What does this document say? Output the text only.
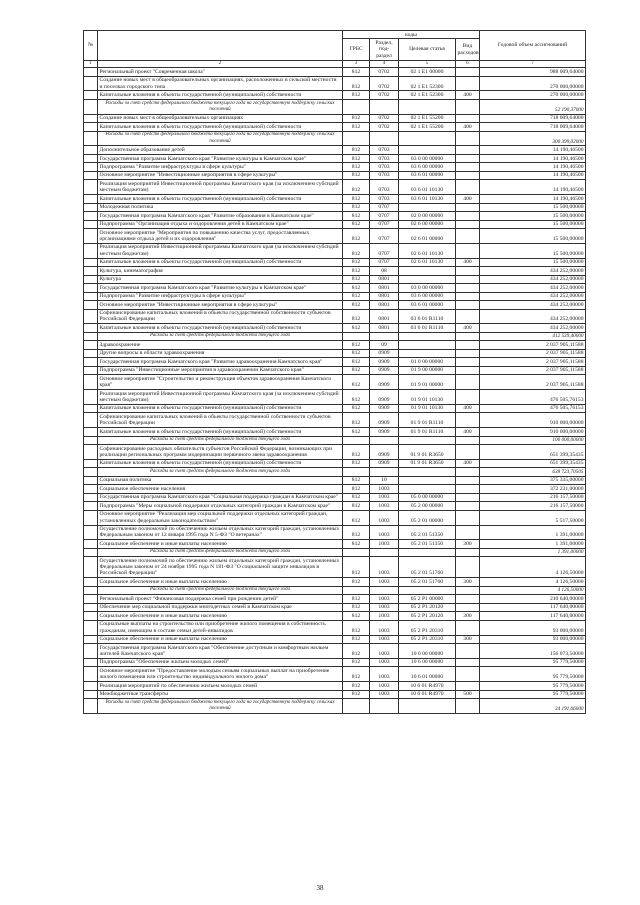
№		коды				Годовой объем ассигнований
		ГРБС	Раздел, под-раздел	Целевая статья	Вид расходов	
1	2	3	4	5	6	7
	Региональный проект "Современная школа"	812	0702	02 1 E1 00000		988 009,64000
	Создание новых мест в общеобразовательных организациях, расположенных в сельской местности и поселках городского типа	812	0702	02 1 E1 52300		270 000,00000
	Капитальные вложения в объекты государственной (муниципальной) собственности	812	0702	02 1 E1 52300	400	270 000,00000
	Расходы за счет средств федерального бюджета текущего года на государственную поддержку сельских поселений					52 190,37000
	Создание новых мест в общеобразовательных организациях	812	0702	02 1 E1 55200		718 009,64000
	Капитальные вложения в объекты государственной (муниципальной) собственности	812	0702	02 1 E1 55200	400	718 009,64000
	Расходы за счет средств федерального бюджета текущего года на государственную поддержку сельских поселений					300 399,02000
	Дополнительное образование детей	812	0703			14 190,46500
	Государственная программа Камчатского края "Развитие культуры в Камчатском крае"	812	0703	03 0 00 00000		14 190,46500
	Подпрограмма "Развитие инфраструктуры в сфере культуры"	812	0703	03 6 00 00000		14 190,46500
	Основное мероприятие "Инвестиционные мероприятия в сфере культуры"	812	0703	03 6 01 00000		14 190,46500
	Реализация мероприятий Инвестиционной программы Камчатского края (за исключением субсидий местным бюджетам)	812	0703	03 6 01 10130		14 190,46500
	Капитальные вложения в объекты государственной (муниципальной) собственности	812	0703	03 6 01 10130	400	14 190,46500
	Молодежная политика	812	0707			15 500,00000
	Государственная программа Камчатского края "Развитие образования в Камчатском крае"	812	0707	02 0 00 00000		15 500,00000
	Подпрограмма "Организация отдыха и оздоровления детей в Камчатском крае"	812	0707	02 6 00 00000		15 500,00000
	Основное мероприятие "Мероприятия по повышению качества услуг, предоставляемых организациями отдыха детей и их оздоровления"	812	0707	02 6 01 00000		15 500,00000
	Реализация мероприятий Инвестиционной программы Камчатского края (за исключением субсидий местным бюджетам)	812	0707	02 6 01 10130		15 500,00000
	Капитальные вложения в объекты государственной (муниципальной) собственности	812	0707	02 6 01 10130	400	15 500,00000
	Культура, кинематография	812	08			434 252,00000
	Культура	812	0801			434 252,00000
	Государственная программа Камчатского края "Развитие культуры в Камчатском крае"	812	0801	03 0 00 00000		434 252,00000
	Подпрограмма "Развитие инфраструктуры в сфере культуры"	812	0801	03 6 00 00000		434 252,00000
	Основное мероприятие "Инвестиционные мероприятия в сфере культуры"	812	0801	03 6 01 00000		434 252,00000
	Софинансирование капитальных вложений в объекты государственной собственности субъектов Российской Федерации	812	0801	03 6 01 R1110		434 252,00000
	Капитальные вложения в объекты государственной (муниципальной) собственности	812	0801	03 6 01 R1110	400	434 252,00000
	Расходы за счет средств федерального бюджета текущего года					412 539,40000
	Здравоохранение	812	09			2 037 905,11588
	Другие вопросы в области здравоохранения	812	0909			2 037 905,11588
	Государственная программа Камчатского края "Развитие здравоохранения Камчатского края"	812	0909	01 0 00 00000		2 037 905,11588
	Подпрограмма "Инвестиционные мероприятия в здравоохранении Камчатского края"	812	0909	01 9 00 00000		2 037 905,11588
	Основное мероприятие "Строительство и реконструкция объектов здравоохранения Камчатского края"	812	0909	01 9 01 00000		2 037 905,11588
	Реализация мероприятий Инвестиционной программы Камчатского края (за исключением субсидий местным бюджетам)	812	0909	01 9 01 10130		476 505,76153
	Капитальные вложения в объекты государственной (муниципальной) собственности	812	0909	01 9 01 10130	400	476 505,76153
	Софинансирование капитальных вложений в объекты государственной собственности субъектов Российской Федерации	812	0909	01 9 01 R1110		910 000,00000
	Капитальные вложения в объекты государственной (муниципальной) собственности	812	0909	01 9 01 R1110	400	910 000,00000
	Расходы за счет средств федерального бюджета текущего года					100 000,00000
	Софинансирование расходных обязательств субъектов Российской Федерации, возникающих при реализации региональных программ модернизации первичного звена здравоохранения	812	0909	01 9 01 R3650		651 399,35435
	Капитальные вложения в объекты государственной (муниципальной) собственности	812	0909	01 9 01 R3650	400	651 399,35435
	Расходы за счет средств федерального бюджета текущего года					638 723,70505
	Социальная политика	812	10			375 335,00000
	Социальное обеспечение населения	812	1003			372 231,00000
	Государственная программа Камчатского края "Социальная поддержка граждан в Камчатском крае"	812	1003	05 0 00 00000		216 157,50000
	Подпрограмма "Меры социальной поддержки отдельных категорий граждан в Камчатском крае"	812	1003	05 2 00 00000		216 157,50000
	Основное мероприятие "Реализация мер социальной поддержки отдельных категорий граждан, установленных федеральным законодательством"	812	1003	05 2 01 00000		5 517,50000
	Осуществление полномочий по обеспечению жильем отдельных категорий граждан, установленных Федеральным законом от 12 января 1995 года N 5-ФЗ "О ветеранах"	812	1003	05 2 01 51350		1 391,00000
	Социальное обеспечение и иные выплаты населению	812	1003	05 2 01 51350	300	1 391,00000
	Расходы за счет средств федерального бюджета текущего года					1 391,00000
	Осуществление полномочий по обеспечению жильем отдельных категорий граждан, установленных Федеральным законом от 24 ноября 1995 года N 181-ФЗ "О социальной защите инвалидов в Российской Федерации"	812	1003	05 2 01 51760		4 126,50000
	Социальное обеспечение и иные выплаты населению	812	1003	05 2 01 51760	300	4 126,50000
	Расходы за счет средств федерального бюджета текущего года					4 126,50000
	Региональный проект "Финансовая поддержка семей при рождении детей"	812	1003	05 2 P1 00000		210 640,00000
	Обеспечение мер социальной поддержки многодетных семей в Камчатском крае	812	1003	05 2 P1 20120		117 640,00000
	Социальное обеспечение и иные выплаты населению	812	1003	05 2 P1 20120	300	117 640,00000
	Социальные выплаты на строительство или приобретение жилого помещения в собственность гражданам, имеющим в составе семьи детей-инвалидов	812	1003	05 2 P1 20310		93 000,00000
	Социальное обеспечение и иные выплаты населению	812	1003	05 2 P1 20310	300	93 000,00000
	Государственная программа Камчатского края "Обеспечение доступным и комфортным жильем жителей Камчатского края"	812	1003	10 0 00 00000		156 073,50000
	Подпрограмма "Обеспечение жильем молодых семей"	812	1003	10 6 00 00000		95 779,50000
	Основное мероприятие "Предоставление молодым семьям социальных выплат на приобретение жилого помещения или строительство индивидуального жилого дома"	812	1003	10 6 01 00000		95 779,50000
	Реализация мероприятий по обеспечению жильем молодых семей	812	1003	10 6 01 R4970		95 779,50000
	Межбюджетные трансферты	812	1003	10 6 01 R4970	500	95 779,50000
	Расходы за счет средств федерального бюджета текущего года на государственную поддержку сельских поселений					34 191,66000
38
